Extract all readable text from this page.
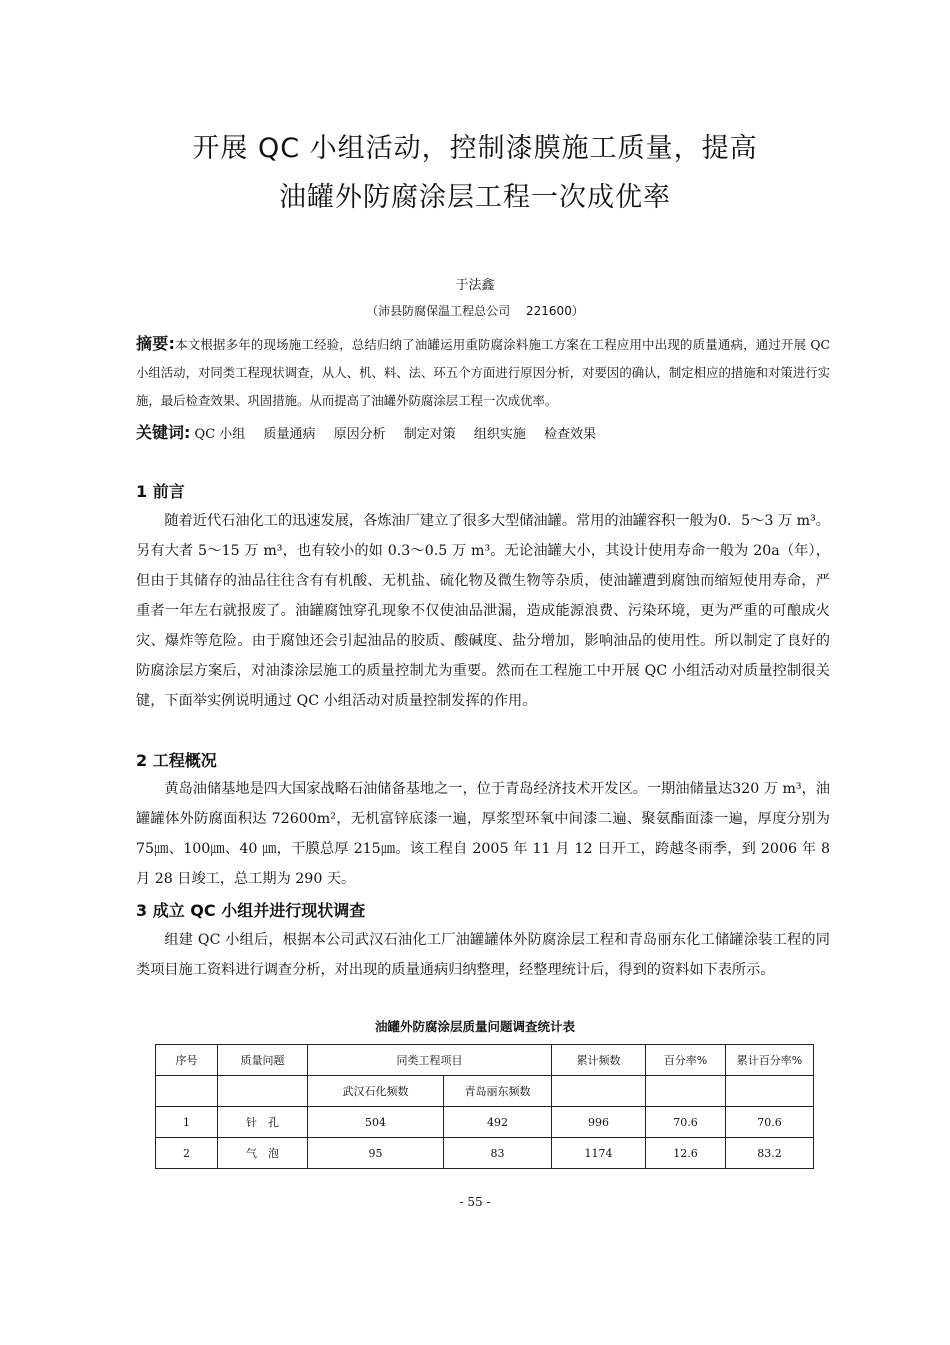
开展 QC 小组活动，控制漆膜施工质量，提高
油罐外防腐涂层工程一次成优率
于法鑫
（沛县防腐保温工程总公司 221600）
摘要:本文根据多年的现场施工经验，总结归纳了油罐运用重防腐涂料施工方案在工程应用中出现的质量通病，通过开展 QC 小组活动，对同类工程现状调查，从人、机、料、法、环五个方面进行原因分析，对要因的确认，制定相应的措施和对策进行实施，最后检查效果、巩固措施。从而提高了油罐外防腐涂层工程一次成优率。
关键词: QC 小组 质量通病 原因分析 制定对策 组织实施 检查效果
1 前言
随着近代石油化工的迅速发展，各炼油厂建立了很多大型储油罐。常用的油罐容积一般为0．5～3 万 m³。另有大者 5～15 万 m³，也有较小的如 0.3～0.5 万 m³。无论油罐大小，其设计使用寿命一般为 20a（年），但由于其储存的油品往往含有有机酸、无机盐、硫化物及微生物等杂质，使油罐遭到腐蚀而缩短使用寿命，严重者一年左右就报废了。油罐腐蚀穿孔现象不仅使油品泄漏，造成能源浪费、污染环境，更为严重的可酿成火灾、爆炸等危险。由于腐蚀还会引起油品的胶质、酸碱度、盐分增加，影响油品的使用性。所以制定了良好的防腐涂层方案后，对油漆涂层施工的质量控制尤为重要。然而在工程施工中开展 QC 小组活动对质量控制很关键，下面举实例说明通过 QC 小组活动对质量控制发挥的作用。
2 工程概况
黄岛油储基地是四大国家战略石油储备基地之一，位于青岛经济技术开发区。一期油储量达320 万 m³，油罐罐体外防腐面积达 72600m²，无机富锌底漆一遍，厚浆型环氧中间漆二遍、聚氨酯面漆一遍，厚度分别为 75㎛、100㎛、40 ㎛，干膜总厚 215㎛。该工程自 2005 年 11 月 12 日开工，跨越冬雨季，到 2006 年 8 月 28 日竣工，总工期为 290 天。
3 成立 QC 小组并进行现状调查
组建 QC 小组后，根据本公司武汉石油化工厂油罐罐体外防腐涂层工程和青岛丽东化工储罐涂装工程的同类项目施工资料进行调查分析，对出现的质量通病归纳整理，经整理统计后，得到的资料如下表所示。
油罐外防腐涂层质量问题调查统计表
序号	质量问题	同类工程项目		累计频数	百分率%	累计百分率%
		武汉石化频数	青岛丽东频数			
1	针　孔	504	492	996	70.6	70.6
2	气　泡	95	83	1174	12.6	83.2
- 55 -
